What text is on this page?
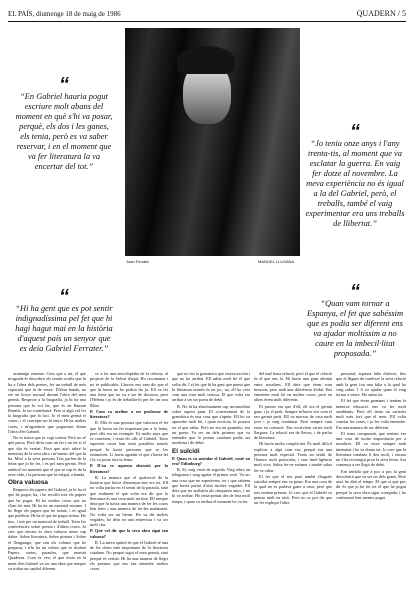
EL PAÍS, diumenge 18 de maig de 1986	QUADERN / 5
“
“En Gabriel hauria pogut escriure molt abans del moment en què s'hi va posar, perquè, els dos i les ganes, els tenia, però es va saber reservar, i en el moment que va fer literatura la va encertar del tot.”
“
“Hi ha gent que es pot sentir indignadíssima pel fet que hi hagi hagut mai en la història d'aquest país un senyor que es deia Gabriel Ferrater.”
“
“Jo tenia onze anys i l'any trenta-tis, al moment que va esclatar la guerra. En vaig fer dotze al novembre. La meva experiència no és igual a la del Gabriel, però, el treballs, també el vaig experimentar era uns treballs de llibertat.”
“
“Quan vam tornar a Espanya, el fet que sabéssim que es podia ser diferent ens va ajudar moltíssim a no caure en la imbecil·litat proposada.”
Joan Ferraté.	MANOEL LLUSANA

avantatge enorme. Com que a mi, el que m'agrada és descobrir els sentits ocults que hi ha a l'obra dels poetes, fer un treball de més capacitat que la de veure. D'altra banda, no oïe un lector normal davant l'obra del meu germà. Respecte a la biografia, ja hi ha una persona que la vol fer, que és en Ramon Barnils. Jo no contribuiré. Però si algú vol fer la biografia que la faci. Jo el meu germà el conec, i el concepte no hi entra. Hi ha moltes coses, i m'agradaria que poguessin donar l'obra d'en Gabriel.

No es tracta que es vagi sortint. Però no sé què passa. Però diria com un fet i un fet si el que diu és veritat. Fora que això sabré la memòria de la seva obra i m'entenc del que hi ha. Miró a la seva persona Tots parlen de la feina que jo he fet, i és pel meu germà. Però ambtot! no moment que el que se sap és de la seva vida, i la persona que la vulgui, a banda.

Obra valuosa

Respecte als papers del Gabriel, ja hi ha el que he pogut, ha, i he recollit tots els papers que he pogut. Hi ha moltes coses que no s'han fet mai. Hi ha tot un material enorme. I he llegit els papers que he trobat, i és igual que publicar. Hi ha el que he pogut trobar. Ho tinc, i són per un material de treball. Totes les conferències sobre poesia i d'altres coses. Jo crec que encara és obra valuosa sense cap dubte. Sobre literatura, Sobre pintura i Sobre el llenguatge, que són els volums que he preparat, i n'hi ha un volum que es titularà Papers, cartes, paraules, que reunirà Quaderns. Com es veu, el que tenia en la ment d'en Gabriel va ser una obra que sempre va trobar un capítol diferent.

ve a fer una enciclopèdia de la ciència, al projecte de la Salvat d'aquí. Ho recomanar i no és publicable. Llavors ens vam dir que el que hi havia no ho podria fer jo. Ell va fer una feina que no va a ser de doctorat, però l'Helena i jo és de treballar-hi per fer un nou llibre.

P. Com va arribar a ser professor de literatura?

R. Ella és una persona que valorava el fet que hi havia un fet important per a la feina, però ella era un exemple. Fa molts anys que es coneixen, i tenia els ulls al Gabriel. Totes aquestes coses han estat possibles només perquè hi havia persones que se les estimaven. Li havia agradat el que s'havia fet i hi va posar tota la feina.

P. D'on ve aquesta obsessió per la literatura?

R. La manera que el qualsevol de la història que havia d'ensenyar-nos era tot. Ell no volia parlar en el sentit de la paraula, sinó que realment el que volia era dir que la literatura és una cosa molt seriosa. Ell sempre deia que hi havia una manera de fer les coses ben fetes i una manera de fer-les malament. No volia ser un literat. Ho va dir moltes vegades, ho deia en una entrevista i va ser molt clar.

P. Què vol dir que la seva obra sigui tan valuosa?

R. La meva opinió és que el Gabriel té una de les obres més importants de la literatura catalana. No perquè sigui el meu germà, sinó perquè és veritat. Hi ha una manera de llegir els poemes que ens fan entendre moltes coses.

que no fos la gramàtica que estava escrita i que no ha arribat. Ell sabia molt bé el que volia dir. I el fet que hi ha gent que pensa que la literatura només és un joc, no, ell ho veia com una cosa molt seriosa. El que volia era arribar a ser un poeta de debò.

R. No hi ha absolutament cap incomoditat sobre aquest punt. El coneixement de la gramàtica és una cosa que s'aprèn. Ell ho va aprendre molt bé, i quan escrivia, hi posava tot el que sabia. Però no era un gramàtic, era un poeta. Va ser un dels primers que va entendre que la poesia catalana podia ser moderna i de debò.

El suïcidi

P. Quan es va suïcidar el Gabriel, vostè on era? Edimburg?

R. Sí, vaig venir de seguida. Vaig rebre un telegrama i vaig agafar el primer avió. Va ser una cosa que no esperàvem, tot i que sabíem que havia parlat d'això moltes vegades. Ell deia que no arribaria als cinquanta anys, i no hi va arribar. Ho tenia pensat des de feia molt temps, i quan va arribar el moment ho va fer.

del mal bona relació, però el que té relació és el que ens fa. Hi havia una gran afinitat entre nosaltres. Ell deia que érem com bessons, però amb una diferència d'edat. Ens enteníem molt bé en moltes coses, però en altres érem molt diferents.

El primer era que d'ell, ell era el germà gran, i jo el petit. Sempre m'havia vist com el seu germà petit. Ell va marxar de casa molt jove i jo vaig continuar. Però sempre vam estar en contacte. Ens escrivíem cartes molt llargues. La relació era de lletres, i de parlar de literatura.

Hi havia molta complicitat. És molt difícil explicar a algú com era, perquè era una persona molt especial. Tenia un sentit de l'humor molt particular, i una intel·ligència molt viva. Sabia fer-se estimar i també sabia fer-se odiar.

El fet que el seu pare també s'hagués suïcidat sempre ens va pesar. Era una cosa de la qual no es parlava gaire a casa, però que tots teníem present. Jo crec que el Gabriel va pensar molt en això. Però no es pot dir que un fet expliqui l'altre.

personal, aquesta falta d'afecte, fins que el lligam de conèixer la seva relació amb la gent fou una falta a la qual ho vaig saber. I li va ajudar quan el vaig tornar a veure. Ho sabia tot.

El fet que érem germans i teníem la mateixa educació ens va fer molt semblants. Però ell tenia un caràcter molt més fort que el meu. Ell volia canviar les coses, i jo les volia entendre. Era una manera de ser diferent.

El tema compromís que teníem era una cosa de molta importància per a nosaltres. Ell va viure sempre amb intensitat i ho va donar tot. Jo crec que la literatura catalana li deu molt, i encara no s'ha reconegut prou la seva feina. Ara comença a ser llegit de debò.

Em sembla que a poc a poc la gent descobrirà que va ser un dels grans. Però això ho dirà el temps. El que sí que puc dir és que jo he fet tot el que he pogut perquè la seva obra sigui coneguda, i ho continuaré fent mentre pugui.
